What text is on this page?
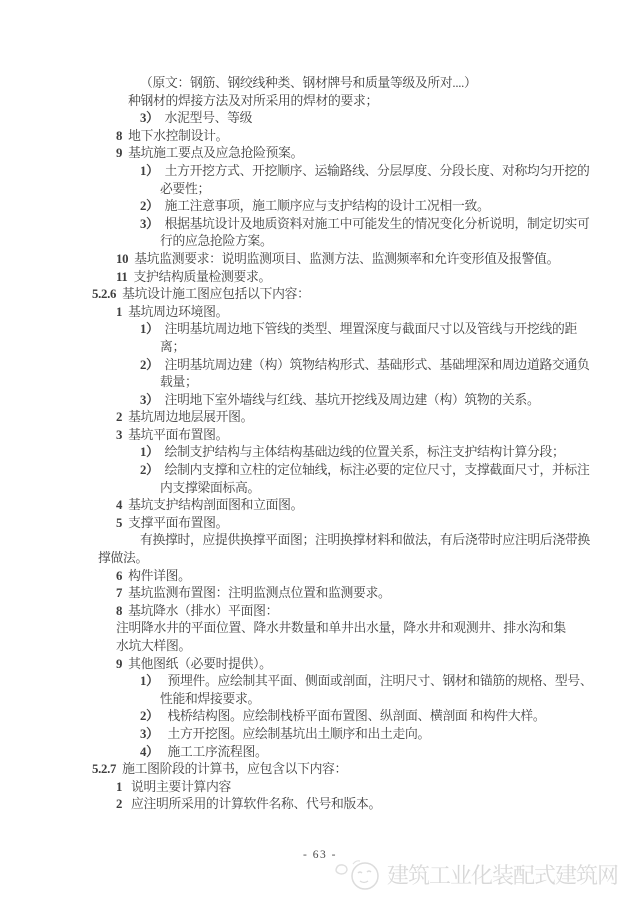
（原文：钢筋、钢绞线种类、钢材牌号和质量等级及所对....）
种钢材的焊接方法及对所采用的焊材的要求；
3） 水泥型号、等级
8 地下水控制设计。
9 基坑施工要点及应急抢险预案。
1） 土方开挖方式、开挖顺序、运输路线、分层厚度、分段长度、对称均匀开挖的
必要性；
2） 施工注意事项，施工顺序应与支护结构的设计工况相一致。
3） 根据基坑设计及地质资料对施工中可能发生的情况变化分析说明，制定切实可
行的应急抢险方案。
10 基坑监测要求：说明监测项目、监测方法、监测频率和允许变形值及报警值。
11 支护结构质量检测要求。
5.2.6 基坑设计施工图应包括以下内容：
1 基坑周边环境图。
1） 注明基坑周边地下管线的类型、埋置深度与截面尺寸以及管线与开挖线的距
离；
2） 注明基坑周边建（构）筑物结构形式、基础形式、基础埋深和周边道路交通负
载量；
3） 注明地下室外墙线与红线、基坑开挖线及周边建（构）筑物的关系。
2 基坑周边地层展开图。
3 基坑平面布置图。
1） 绘制支护结构与主体结构基础边线的位置关系，标注支护结构计算分段；
2） 绘制内支撑和立柱的定位轴线，标注必要的定位尺寸，支撑截面尺寸，并标注
内支撑梁面标高。
4 基坑支护结构剖面图和立面图。
5 支撑平面布置图。
有换撑时，应提供换撑平面图；注明换撑材料和做法，有后浇带时应注明后浇带换
撑做法。
6 构件详图。
7 基坑监测布置图：注明监测点位置和监测要求。
8 基坑降水（排水）平面图：
注明降水井的平面位置、降水井数量和单井出水量，降水井和观测井、排水沟和集
水坑大样图。
9 其他图纸（必要时提供）。
1） 预埋件。应绘制其平面、侧面或剖面，注明尺寸、钢材和锚筋的规格、型号、
性能和焊接要求。
2） 栈桥结构图。应绘制栈桥平面布置图、纵剖面、横剖面 和构件大样。
3） 土方开挖图。应绘制基坑出土顺序和出土走向。
4） 施工工序流程图。
5.2.7 施工图阶段的计算书，应包含以下内容：
1 说明主要计算内容
2 应注明所采用的计算软件名称、代号和版本。
- 63 -
建筑工业化装配式建筑网
